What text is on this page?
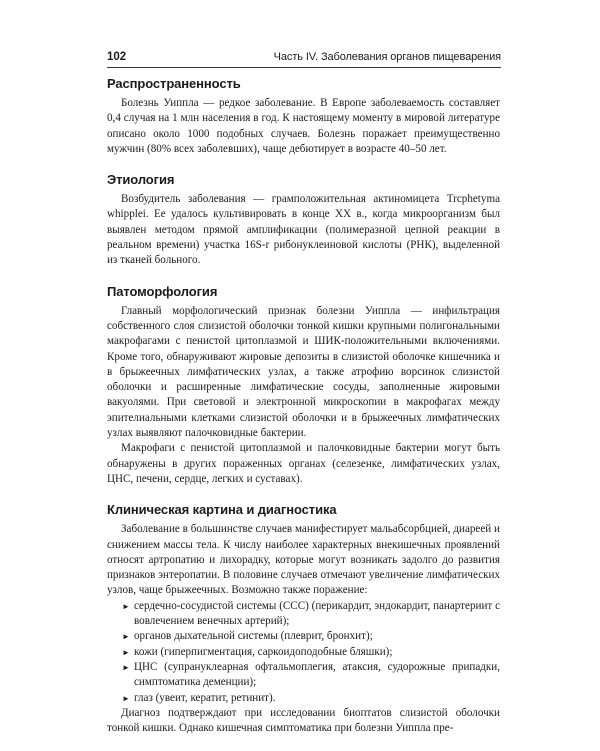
102	Часть IV. Заболевания органов пищеварения
Распространенность

Болезнь Уиппла — редкое заболевание. В Европе заболеваемость составляет 0,4 случая на 1 млн населения в год. К настоящему моменту в мировой литературе описано около 1000 подобных случаев. Болезнь поражает преимущественно мужчин (80% всех заболевших), чаще дебютирует в возрасте 40–50 лет.

Этиология

Возбудитель заболевания — грамположительная актиномицета Trcphetyma whipplei. Ее удалось культивировать в конце XX в., когда микроорганизм был выявлен методом прямой амплификации (полимеразной цепной реакции в реальном времени) участка 16S-r рибонуклеиновой кислоты (РНК), выделенной из тканей больного.

Патоморфология

Главный морфологический признак болезни Уиппла — инфильтрация собственного слоя слизистой оболочки тонкой кишки крупными полигональными макрофагами с пенистой цитоплазмой и ШИК-положительными включениями. Кроме того, обнаруживают жировые депозиты в слизистой оболочке кишечника и в брыжеечных лимфатических узлах, а также атрофию ворсинок слизистой оболочки и расширенные лимфатические сосуды, заполненные жировыми вакуолями. При световой и электронной микроскопии в макрофагах между эпителиальными клетками слизистой оболочки и в брыжеечных лимфатических узлах выявляют палочковидные бактерии.

Макрофаги с пенистой цитоплазмой и палочковидные бактерии могут быть обнаружены в других пораженных органах (селезенке, лимфатических узлах, ЦНС, печени, сердце, легких и суставах).

Клиническая картина и диагностика

Заболевание в большинстве случаев манифестирует мальабсорбцией, диареей и снижением массы тела. К числу наиболее характерных внекишечных проявлений относят артропатию и лихорадку, которые могут возникать задолго до развития признаков энтеропатии. В половине случаев отмечают увеличение лимфатических узлов, чаще брыжеечных. Возможно также поражение:

► сердечно-сосудистой системы (ССС) (перикардит, эндокардит, панартериит с вовлечением венечных артерий);
► органов дыхательной системы (плеврит, бронхит);
► кожи (гиперпигментация, саркоидоподобные бляшки);
► ЦНС (супрануклеарная офтальмоплегия, атаксия, судорожные припадки, симптоматика деменции);
► глаз (увеит, кератит, ретинит).

Диагноз подтверждают при исследовании биоптатов слизистой оболочки тонкой кишки. Однако кишечная симптоматика при болезни Уиппла пре-
